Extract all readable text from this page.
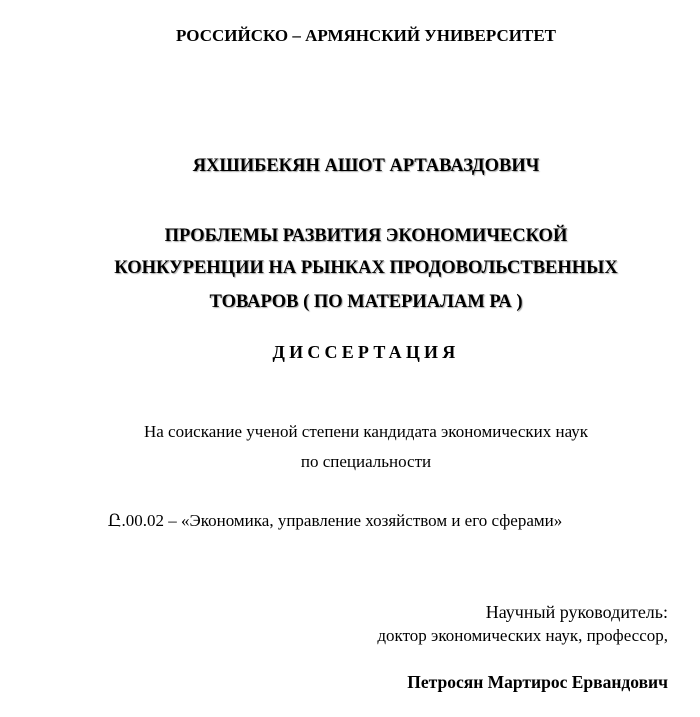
РОССИЙСКО – АРМЯНСКИЙ УНИВЕРСИТЕТ
ЯХШИБЕКЯН АШОТ АРТАВАЗДОВИЧ
ПРОБЛЕМЫ РАЗВИТИЯ ЭКОНОМИЧЕСКОЙ
КОНКУРЕНЦИИ НА РЫНКАХ ПРОДОВОЛЬСТВЕННЫХ
ТОВАРОВ ( ПО МАТЕРИАЛАМ РА )
ДИССЕРТАЦИЯ
На соискание ученой степени кандидата экономических наук
по специальности
Ը.00.02 – «Экономика, управление хозяйством и его сферами»
Научный руководитель:
доктор экономических наук, профессор,
Петросян Мартирос Ервандович
